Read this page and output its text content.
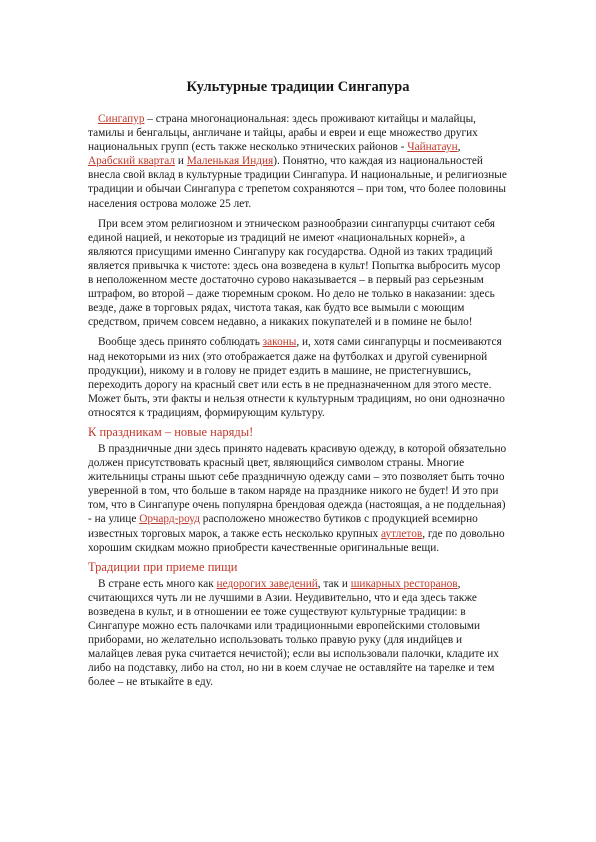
Культурные традиции Сингапура

Сингапур – страна многонациональная: здесь проживают китайцы и малайцы, тамилы и бенгальцы, англичане и тайцы, арабы и евреи и еще множество других национальных групп (есть также несколько этнических районов - Чайнатаун, Арабский квартал и Маленькая Индия). Понятно, что каждая из национальностей внесла свой вклад в культурные традиции Сингапура. И национальные, и религиозные традиции и обычаи Сингапура с трепетом сохраняются – при том, что более половины населения острова моложе 25 лет.

При всем этом религиозном и этническом разнообразии сингапурцы считают себя единой нацией, и некоторые из традиций не имеют «национальных корней», а являются присущими именно Сингапуру как государства. Одной из таких традиций является привычка к чистоте: здесь она возведена в культ! Попытка выбросить мусор в неположенном месте достаточно сурово наказывается – в первый раз серьезным штрафом, во второй – даже тюремным сроком. Но дело не только в наказании: здесь везде, даже в торговых рядах, чистота такая, как будто все вымыли с моющим средством, причем совсем недавно, а никаких покупателей и в помине не было!

Вообще здесь принято соблюдать законы, и, хотя сами сингапурцы и посмеиваются над некоторыми из них (это отображается даже на футболках и другой сувенирной продукции), никому и в голову не придет ездить в машине, не пристегнувшись, переходить дорогу на красный свет или есть в не предназначенном для этого месте. Может быть, эти факты и нельзя отнести к культурным традициям, но они однозначно относятся к традициям, формирующим культуру.

К праздникам – новые наряды!

В праздничные дни здесь принято надевать красивую одежду, в которой обязательно должен присутствовать красный цвет, являющийся символом страны. Многие жительницы страны шьют себе праздничную одежду сами – это позволяет быть точно уверенной в том, что больше в таком наряде на празднике никого не будет! И это при том, что в Сингапуре очень популярна брендовая одежда (настоящая, а не поддельная) - на улице Орчард-роуд расположено множество бутиков с продукцией всемирно известных торговых марок, а также есть несколько крупных аутлетов, где по довольно хорошим скидкам можно приобрести качественные оригинальные вещи.

Традиции при приеме пищи

В стране есть много как недорогих заведений, так и шикарных ресторанов, считающихся чуть ли не лучшими в Азии. Неудивительно, что и еда здесь также возведена в культ, и в отношении ее тоже существуют культурные традиции: в Сингапуре можно есть палочками или традиционными европейскими столовыми приборами, но желательно использовать только правую руку (для индийцев и малайцев левая рука считается нечистой); если вы использовали палочки, кладите их либо на подставку, либо на стол, но ни в коем случае не оставляйте на тарелке и тем более – не втыкайте в еду.
